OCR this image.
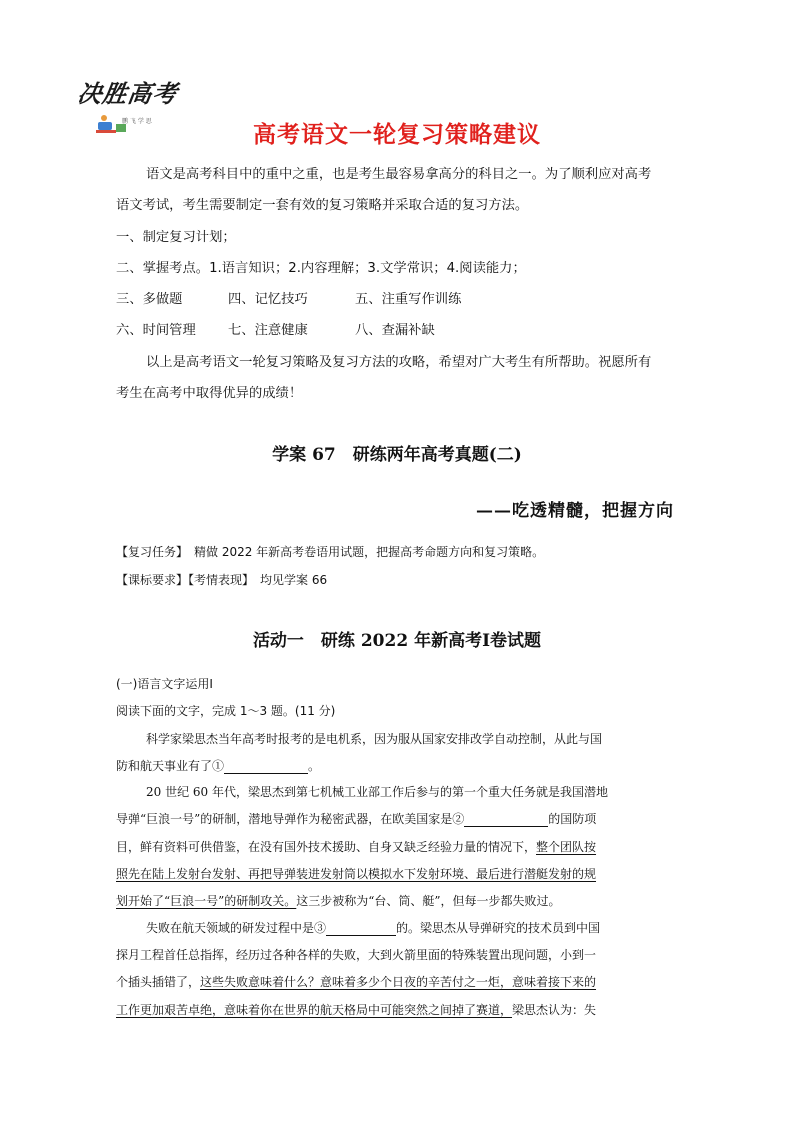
决胜高考
鹏 飞 学 思
高考语文一轮复习策略建议
语文是高考科目中的重中之重，也是考生最容易拿高分的科目之一。为了顺利应对高考
语文考试，考生需要制定一套有效的复习策略并采取合适的复习方法。
一、制定复习计划；
二、掌握考点。1.语言知识；2.内容理解；3.文学常识；4.阅读能力；
三、多做题	四、记忆技巧	五、注重写作训练
六、时间管理 七、注意健康	八、查漏补缺
以上是高考语文一轮复习策略及复习方法的攻略，希望对广大考生有所帮助。祝愿所有
考生在高考中取得优异的成绩！
学案 67　研练两年高考真题(二)
——吃透精髓，把握方向
【复习任务】 精做 2022 年新高考卷语用试题，把握高考命题方向和复习策略。
【课标要求】【考情表现】 均见学案 66
活动一　研练 2022 年新高考Ⅰ卷试题
(一)语言文字运用Ⅰ
阅读下面的文字，完成 1～3 题。(11 分)
科学家梁思杰当年高考时报考的是电机系，因为服从国家安排改学自动控制，从此与国
防和航天事业有了①	。
20 世纪 60 年代，梁思杰到第七机械工业部工作后参与的第一个重大任务就是我国潜地
导弹“巨浪一号”的研制，潜地导弹作为秘密武器，在欧美国家是②	的国防项
目，鲜有资料可供借鉴，在没有国外技术援助、自身又缺乏经验力量的情况下，整个团队按
照先在陆上发射台发射、再把导弹装进发射筒以模拟水下发射环境、最后进行潜艇发射的规
划开始了“巨浪一号”的研制攻关。这三步被称为“台、筒、艇”，但每一步都失败过。
失败在航天领域的研发过程中是③	的。梁思杰从导弹研究的技术员到中国
探月工程首任总指挥，经历过各种各样的失败，大到火箭里面的特殊装置出现问题，小到一
个插头插错了，这些失败意味着什么？意味着多少个日夜的辛苦付之一炬，意味着接下来的
工作更加艰苦卓绝，意味着你在世界的航天格局中可能突然之间掉了赛道，梁思杰认为：失
